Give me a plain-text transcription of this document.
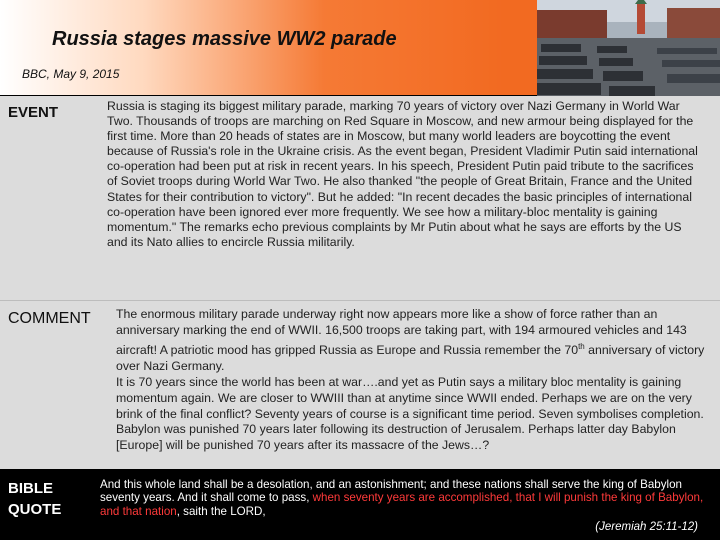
Russia stages massive WW2 parade
BBC, May 9, 2015
EVENT	Russia is staging its biggest military parade, marking 70 years of victory over Nazi Germany in World War Two. Thousands of troops are marching on Red Square in Moscow, and new armour being displayed for the first time. More than 20 heads of states are in Moscow, but many world leaders are boycotting the event because of Russia's role in the Ukraine crisis. As the event began, President Vladimir Putin said international co-operation had been put at risk in recent years. In his speech, President Putin paid tribute to the sacrifices of Soviet troops during World War Two. He also thanked "the people of Great Britain, France and the United States for their contribution to victory". But he added: "In recent decades the basic principles of international co-operation have been ignored ever more frequently. We see how a military-bloc mentality is gaining momentum." The remarks echo previous complaints by Mr Putin about what he says are efforts by the US and its Nato allies to encircle Russia militarily.
COMMENT The enormous military parade underway right now appears more like a show of force rather than an anniversary marking the end of WWII. 16,500 troops are taking part, with 194 armoured vehicles and 143 aircraft! A patriotic mood has gripped Russia as Europe and Russia remember the 70th anniversary of victory over Nazi Germany.
It is 70 years since the world has been at war….and yet as Putin says a military bloc mentality is gaining momentum again. We are closer to WWIII than at anytime since WWII ended. Perhaps we are on the very brink of the final conflict? Seventy years of course is a significant time period. Seven symbolises completion. Babylon was punished 70 years later following its destruction of Jerusalem. Perhaps latter day Babylon [Europe] will be punished 70 years after its massacre of the Jews…?
BIBLE
QUOTE
And this whole land shall be a desolation, and an astonishment; and these nations shall serve the king of Babylon seventy years. And it shall come to pass, when seventy years are accomplished, that I will punish the king of Babylon, and that nation, saith the LORD,
(Jeremiah 25:11-12)
